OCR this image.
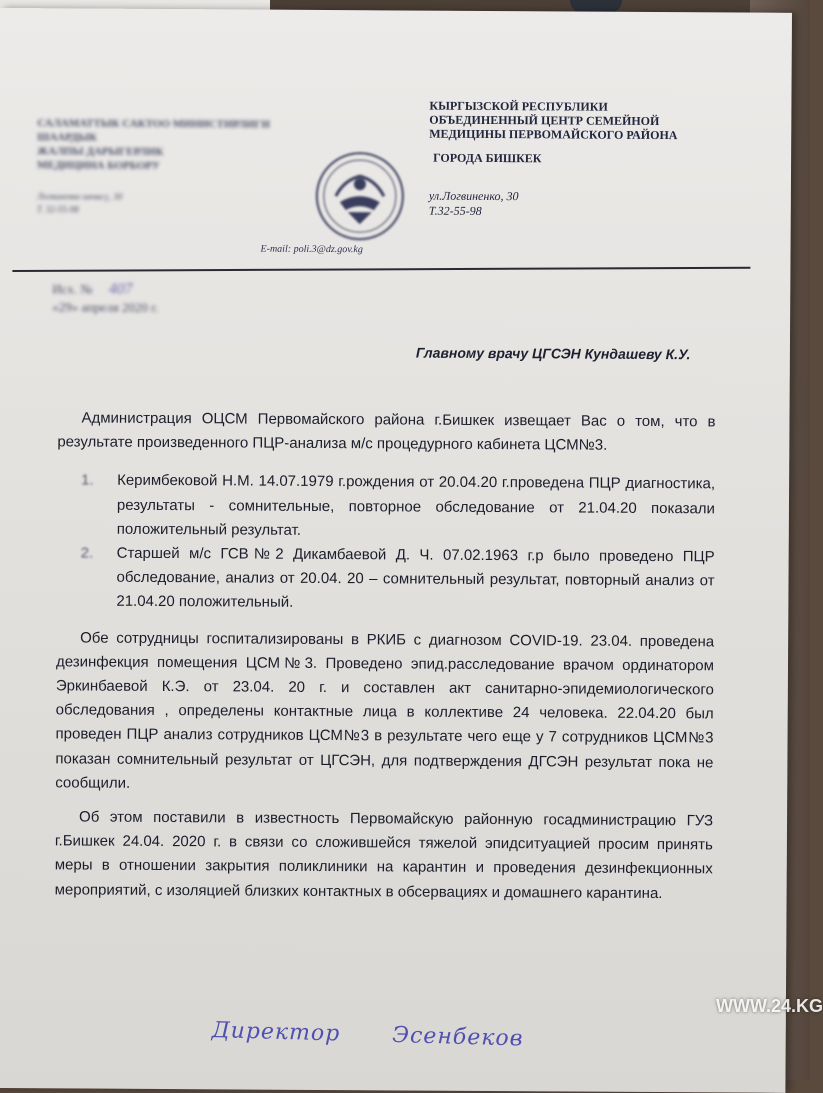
САЛАМАТТЫК САКТОО МИНИСТИРЛИГИ
ШААРДЫК
ЖАЛПЫ ДАРЫГЕРЛИК
МЕДИЦИНА БОРБОРУ
Логвиненко көчөсү, 30
Т. 32-55-98
КЫРГЫЗСКОЙ РЕСПУБЛИКИ
ОБЪЕДИНЕННЫЙ ЦЕНТР СЕМЕЙНОЙ
МЕДИЦИНЫ ПЕРВОМАЙСКОГО РАЙОНА
ГОРОДА БИШКЕК
ул.Логвиненко, 30
Т.32-55-98
E-mail: poli.3@dz.gov.kg
Исх. № 407
«29» апреля 2020 г.
Главному врачу ЦГСЭН Кундашеву К.У.

Администрация ОЦСМ Первомайского района г.Бишкек извещает Вас о том, что в результате произведенного ПЦР-анализа м/с процедурного кабинета ЦСМ№3.

1.	Керимбековой Н.М. 14.07.1979 г.рождения от 20.04.20 г.проведена ПЦР диагностика, результаты - сомнительные, повторное обследование от 21.04.20 показали положительный результат.
2.	Старшей м/с ГСВ№2 Дикамбаевой Д. Ч. 07.02.1963 г.р было проведено ПЦР обследование, анализ от 20.04. 20 – сомнительный результат, повторный анализ от 21.04.20 положительный.

Обе сотрудницы госпитализированы в РКИБ с диагнозом COVID-19. 23.04. проведена дезинфекция помещения ЦСМ№3. Проведено эпид.расследование врачом ординатором Эркинбаевой К.Э. от 23.04. 20 г. и составлен акт санитарно-эпидемиологического обследования , определены контактные лица в коллективе 24 человека. 22.04.20 был проведен ПЦР анализ сотрудников ЦСМ№3 в результате чего еще у 7 сотрудников ЦСМ№3 показан сомнительный результат от ЦГСЭН, для подтверждения ДГСЭН результат пока не сообщили.

Об этом поставили в известность Первомайскую районную госадминистрацию ГУЗ г.Бишкек 24.04. 2020 г. в связи со сложившейся тяжелой эпидситуацией просим принять меры в отношении закрытия поликлиники на карантин и проведения дезинфекционных мероприятий, с изоляцией близких контактных в обсервациях и домашнего карантина.

Директор Эсенбеков
WWW.24.KG
